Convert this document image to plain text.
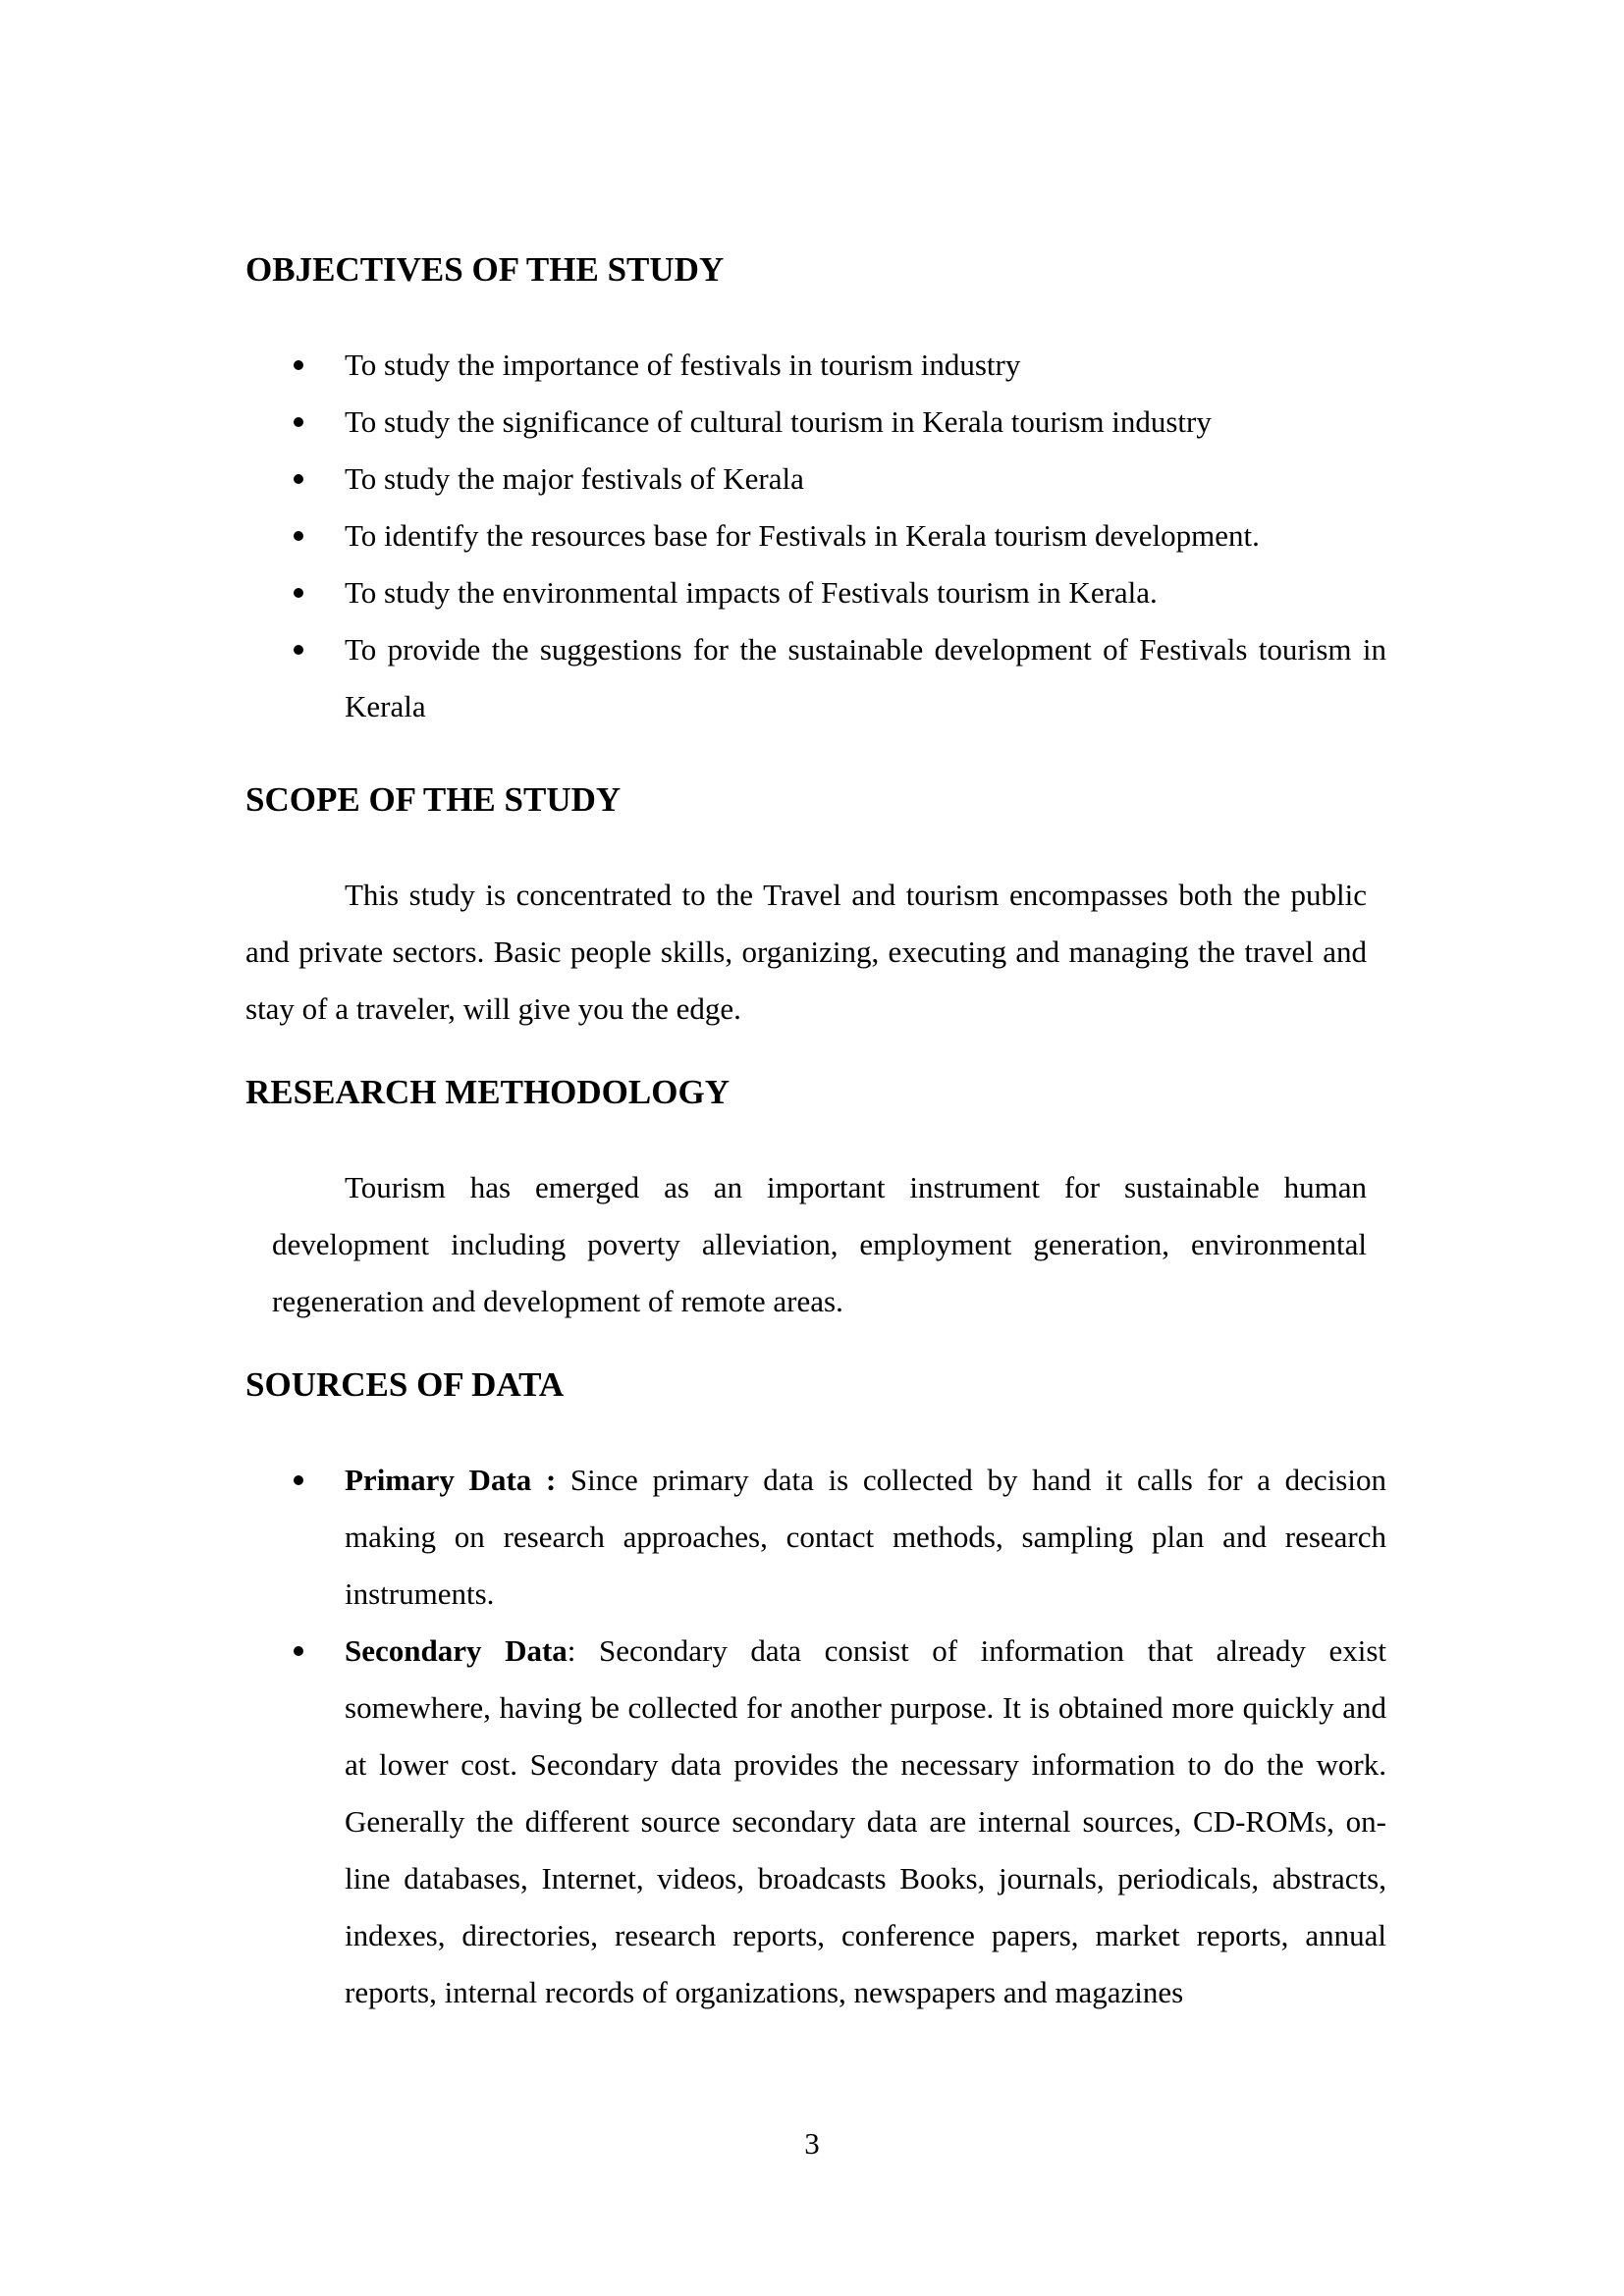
OBJECTIVES OF THE STUDY
To study the importance of festivals in tourism industry
To study the significance of cultural tourism in Kerala tourism industry
To study the major festivals of Kerala
To identify the resources base for Festivals in Kerala tourism development.
To study the environmental impacts of Festivals tourism in Kerala.
To provide the suggestions for the sustainable development of Festivals tourism in Kerala
SCOPE OF THE STUDY

This study is concentrated to the Travel and tourism encompasses both the public and private sectors. Basic people skills, organizing, executing and managing the travel and stay of a traveler, will give you the edge.

RESEARCH METHODOLOGY

Tourism has emerged as an important instrument for sustainable human development including poverty alleviation, employment generation, environmental regeneration and development of remote areas.

SOURCES OF DATA
Primary Data : Since primary data is collected by hand it calls for a decision making on research approaches, contact methods, sampling plan and research instruments.
Secondary Data: Secondary data consist of information that already exist somewhere, having be collected for another purpose. It is obtained more quickly and at lower cost. Secondary data provides the necessary information to do the work. Generally the different source secondary data are internal sources, CD-ROMs, on-line databases, Internet, videos, broadcasts Books, journals, periodicals, abstracts, indexes, directories, research reports, conference papers, market reports, annual reports, internal records of organizations, newspapers and magazines
3
